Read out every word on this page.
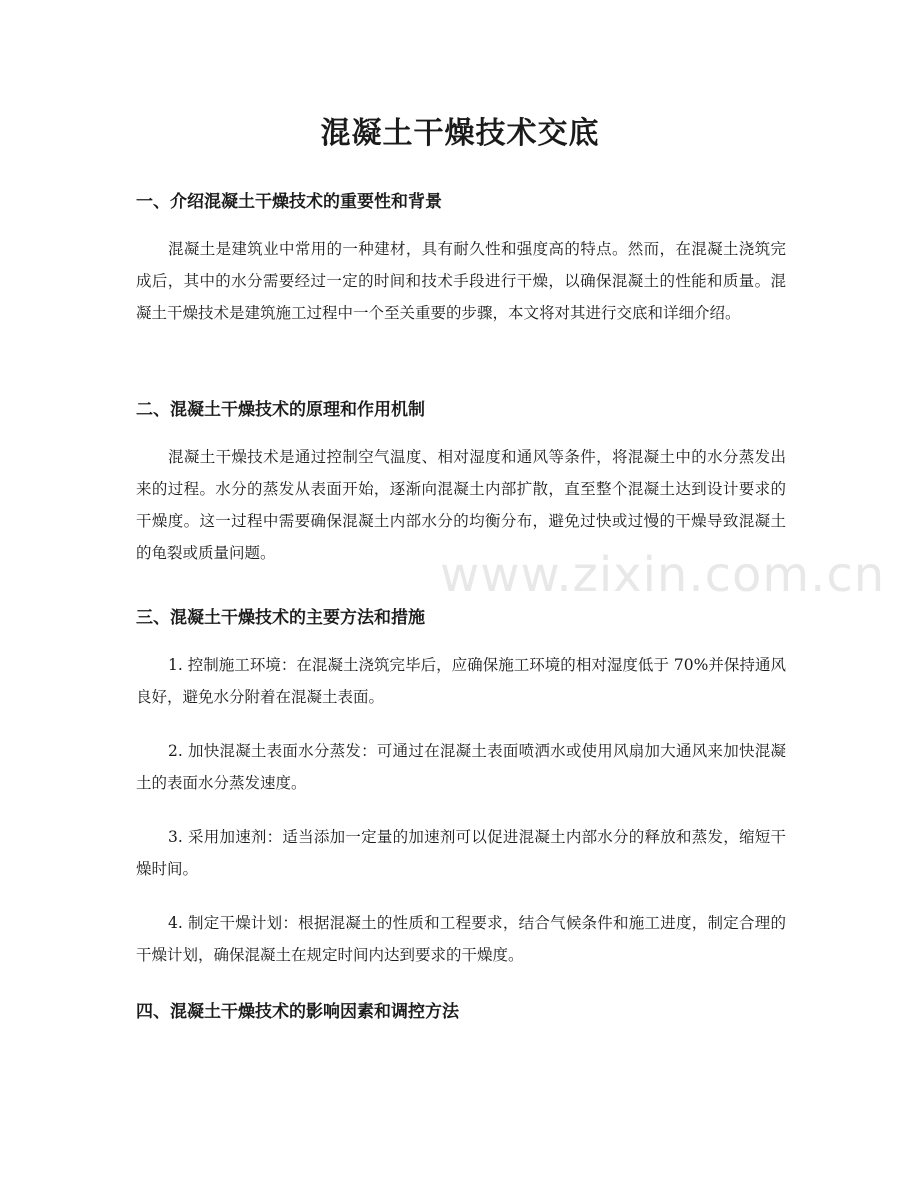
混凝土干燥技术交底
一、介绍混凝土干燥技术的重要性和背景

混凝土是建筑业中常用的一种建材，具有耐久性和强度高的特点。然而，在混凝土浇筑完成后，其中的水分需要经过一定的时间和技术手段进行干燥，以确保混凝土的性能和质量。混凝土干燥技术是建筑施工过程中一个至关重要的步骤，本文将对其进行交底和详细介绍。

二、混凝土干燥技术的原理和作用机制

混凝土干燥技术是通过控制空气温度、相对湿度和通风等条件，将混凝土中的水分蒸发出来的过程。水分的蒸发从表面开始，逐渐向混凝土内部扩散，直至整个混凝土达到设计要求的干燥度。这一过程中需要确保混凝土内部水分的均衡分布，避免过快或过慢的干燥导致混凝土的龟裂或质量问题。

三、混凝土干燥技术的主要方法和措施

1. 控制施工环境：在混凝土浇筑完毕后，应确保施工环境的相对湿度低于 70%并保持通风良好，避免水分附着在混凝土表面。

2. 加快混凝土表面水分蒸发：可通过在混凝土表面喷洒水或使用风扇加大通风来加快混凝土的表面水分蒸发速度。

3. 采用加速剂：适当添加一定量的加速剂可以促进混凝土内部水分的释放和蒸发，缩短干燥时间。

4. 制定干燥计划：根据混凝土的性质和工程要求，结合气候条件和施工进度，制定合理的干燥计划，确保混凝土在规定时间内达到要求的干燥度。

四、混凝土干燥技术的影响因素和调控方法
www.zixin.com.cn
